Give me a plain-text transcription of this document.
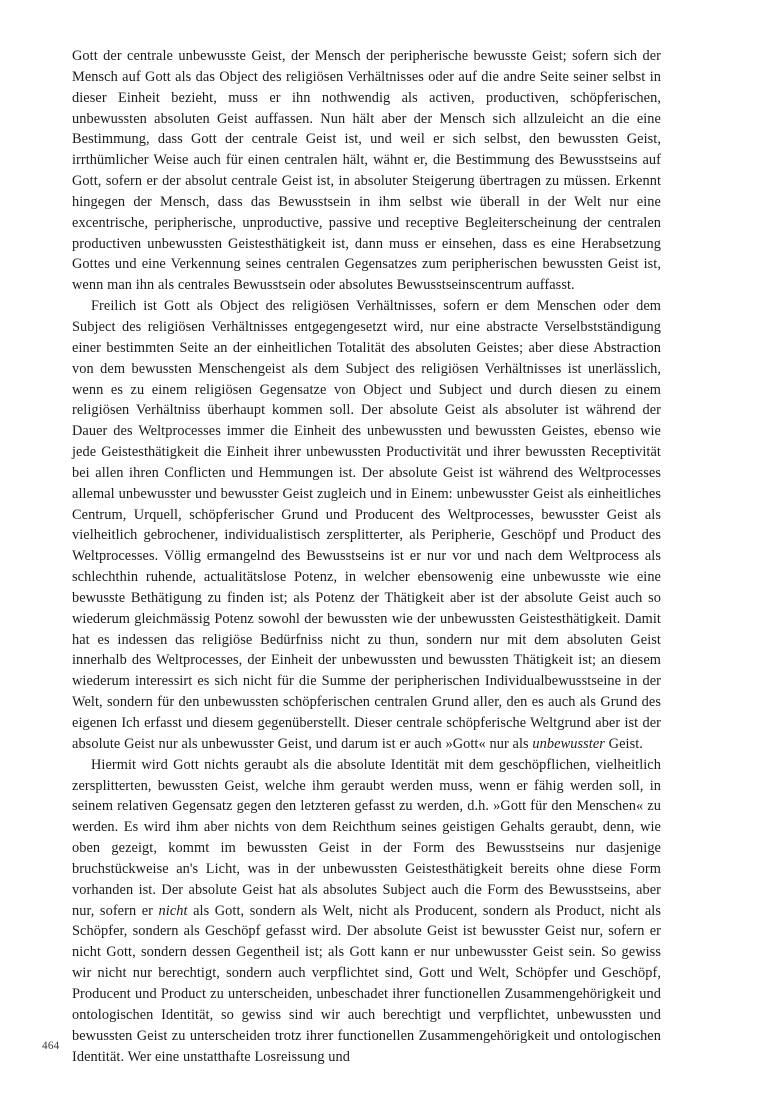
Gott der centrale unbewusste Geist, der Mensch der peripherische bewusste Geist; sofern sich der Mensch auf Gott als das Object des religiösen Verhältnisses oder auf die andre Seite seiner selbst in dieser Einheit bezieht, muss er ihn nothwendig als activen, productiven, schöpferischen, unbewussten absoluten Geist auffassen. Nun hält aber der Mensch sich allzuleicht an die eine Bestimmung, dass Gott der centrale Geist ist, und weil er sich selbst, den bewussten Geist, irrthümlicher Weise auch für einen centralen hält, wähnt er, die Bestimmung des Bewusstseins auf Gott, sofern er der absolut centrale Geist ist, in absoluter Steigerung übertragen zu müssen. Erkennt hingegen der Mensch, dass das Bewusstsein in ihm selbst wie überall in der Welt nur eine excentrische, peripherische, unproductive, passive und receptive Begleiterscheinung der centralen productiven unbewussten Geistesthätigkeit ist, dann muss er einsehen, dass es eine Herabsetzung Gottes und eine Verkennung seines centralen Gegensatzes zum peripherischen bewussten Geist ist, wenn man ihn als centrales Bewusstsein oder absolutes Bewusstseinscentrum auffasst.

Freilich ist Gott als Object des religiösen Verhältnisses, sofern er dem Menschen oder dem Subject des religiösen Verhältnisses entgegengesetzt wird, nur eine abstracte Verselbstständigung einer bestimmten Seite an der einheitlichen Totalität des absoluten Geistes; aber diese Abstraction von dem bewussten Menschengeist als dem Subject des religiösen Verhältnisses ist unerlässlich, wenn es zu einem religiösen Gegensatze von Object und Subject und durch diesen zu einem religiösen Verhältniss überhaupt kommen soll. Der absolute Geist als absoluter ist während der Dauer des Weltprocesses immer die Einheit des unbewussten und bewussten Geistes, ebenso wie jede Geistesthätigkeit die Einheit ihrer unbewussten Productivität und ihrer bewussten Receptivität bei allen ihren Conflicten und Hemmungen ist. Der absolute Geist ist während des Weltprocesses allemal unbewusster und bewusster Geist zugleich und in Einem: unbewusster Geist als einheitliches Centrum, Urquell, schöpferischer Grund und Producent des Weltprocesses, bewusster Geist als vielheitlich gebrochener, individualistisch zersplitterter, als Peripherie, Geschöpf und Product des Weltprocesses. Völlig ermangelnd des Bewusstseins ist er nur vor und nach dem Weltprocess als schlechthin ruhende, actualitätslose Potenz, in welcher ebensowenig eine unbewusste wie eine bewusste Bethätigung zu finden ist; als Potenz der Thätigkeit aber ist der absolute Geist auch so wiederum gleichmässig Potenz sowohl der bewussten wie der unbewussten Geistesthätigkeit. Damit hat es indessen das religiöse Bedürfniss nicht zu thun, sondern nur mit dem absoluten Geist innerhalb des Weltprocesses, der Einheit der unbewussten und bewussten Thätigkeit ist; an diesem wiederum interessirt es sich nicht für die Summe der peripherischen Individualbewusstseine in der Welt, sondern für den unbewussten schöpferischen centralen Grund aller, den es auch als Grund des eigenen Ich erfasst und diesem gegenüberstellt. Dieser centrale schöpferische Weltgrund aber ist der absolute Geist nur als unbewusster Geist, und darum ist er auch »Gott« nur als unbewusster Geist.

Hiermit wird Gott nichts geraubt als die absolute Identität mit dem geschöpflichen, vielheitlich zersplitterten, bewussten Geist, welche ihm geraubt werden muss, wenn er fähig werden soll, in seinem relativen Gegensatz gegen den letzteren gefasst zu werden, d.h. »Gott für den Menschen« zu werden. Es wird ihm aber nichts von dem Reichthum seines geistigen Gehalts geraubt, denn, wie oben gezeigt, kommt im bewussten Geist in der Form des Bewusstseins nur dasjenige bruchstückweise an's Licht, was in der unbewussten Geistesthätigkeit bereits ohne diese Form vorhanden ist. Der absolute Geist hat als absolutes Subject auch die Form des Bewusstseins, aber nur, sofern er nicht als Gott, sondern als Welt, nicht als Producent, sondern als Product, nicht als Schöpfer, sondern als Geschöpf gefasst wird. Der absolute Geist ist bewusster Geist nur, sofern er nicht Gott, sondern dessen Gegentheil ist; als Gott kann er nur unbewusster Geist sein. So gewiss wir nicht nur berechtigt, sondern auch verpflichtet sind, Gott und Welt, Schöpfer und Geschöpf, Producent und Product zu unterscheiden, unbeschadet ihrer functionellen Zusammengehörigkeit und ontologischen Identität, so gewiss sind wir auch berechtigt und verpflichtet, unbewussten und bewussten Geist zu unterscheiden trotz ihrer functionellen Zusammengehörigkeit und ontologischen Identität. Wer eine unstatthafte Losreissung und

464
